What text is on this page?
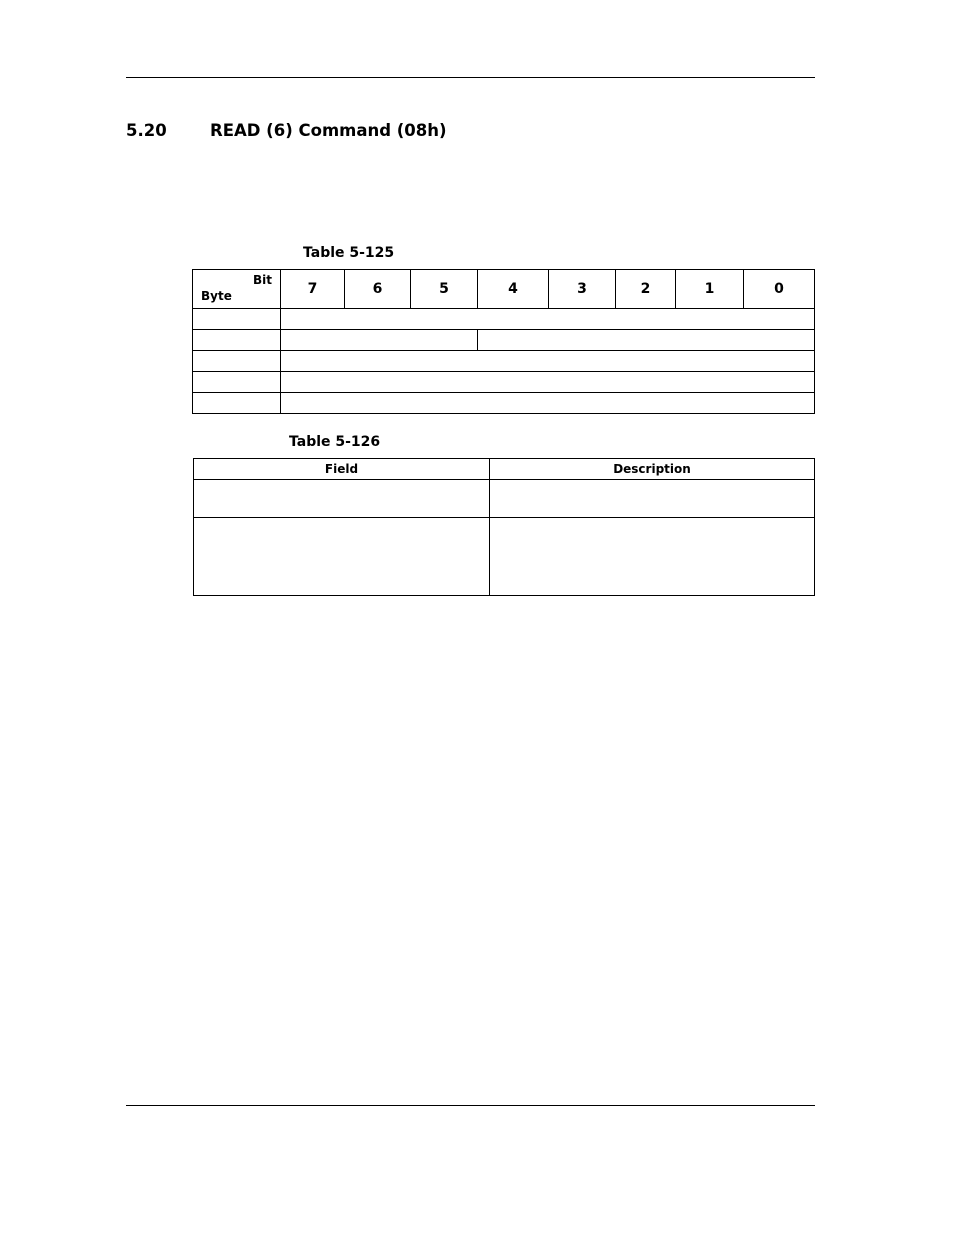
5.20	READ (6) Command (08h)
Table 5-125
Bit
Byte	7	6	5	4	3	2	1	0

Table 5-126
Field	Description
